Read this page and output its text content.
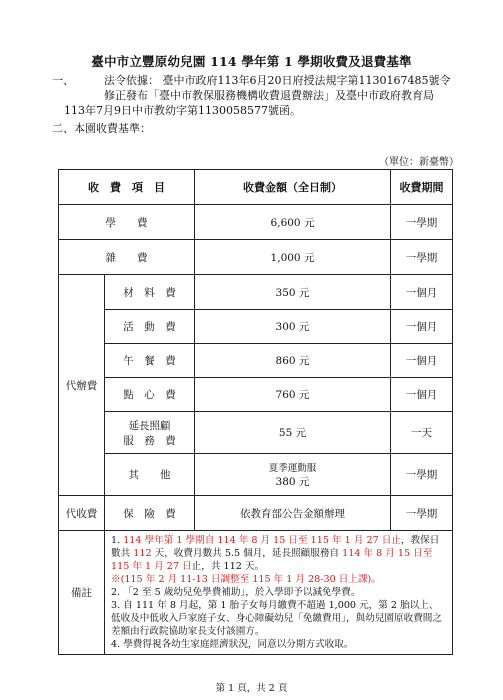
臺中市立豐原幼兒園 114 學年第 1 學期收費及退費基準
一、	法令依據： 臺中市政府113年6月20日府授法規字第1130167485號令
修正發布「臺中市教保服務機構收費退費辦法」及臺中市政府教育局
113年7月9日中市教幼字第1130058577號函。
二、本園收費基準：
（單位：新臺幣）
收　費　項　目		收費金額（全日制）	收費期間
學　　費		6,600 元	一學期
雜　　費		1,000 元	一學期
代辦費	材　料　費	350 元	一個月
	活　動　費	300 元	一個月
	午　餐　費	860 元	一個月
	點　心　費	760 元	一個月

	延長照顧
服　務　費	55 元	一天
	其　　他	夏季運動服
380 元	一學期
代收費	保　險　費	依教育部公告金額辦理	一學期
備註	1. 114 學年第 1 學期自 114 年 8 月 15 日至 115 年 1 月 27 日止，教保日數共 112 天，收費月數共 5.5 個月，延長照顧服務自 114 年 8 月 15 日至 115 年 1 月 27 日止，共 112 天。
※(115 年 2 月 11-13 日調整至 115 年 1 月 28-30 日上課)。
2. 「2 至 5 歲幼兒免學費補助」，於入學即予以減免學費。
3. 自 111 年 8 月起，第 1 胎子女每月繳費不超過 1,000 元，第 2 胎以上、低收及中低收入戶家庭子女、身心障礙幼兒「免繳費用」，與幼兒園原收費間之差額由行政院協助家長支付該園方。
4. 學費得視各幼生家庭經濟狀況，同意以分期方式收取。		
第 1 頁，共 2 頁
